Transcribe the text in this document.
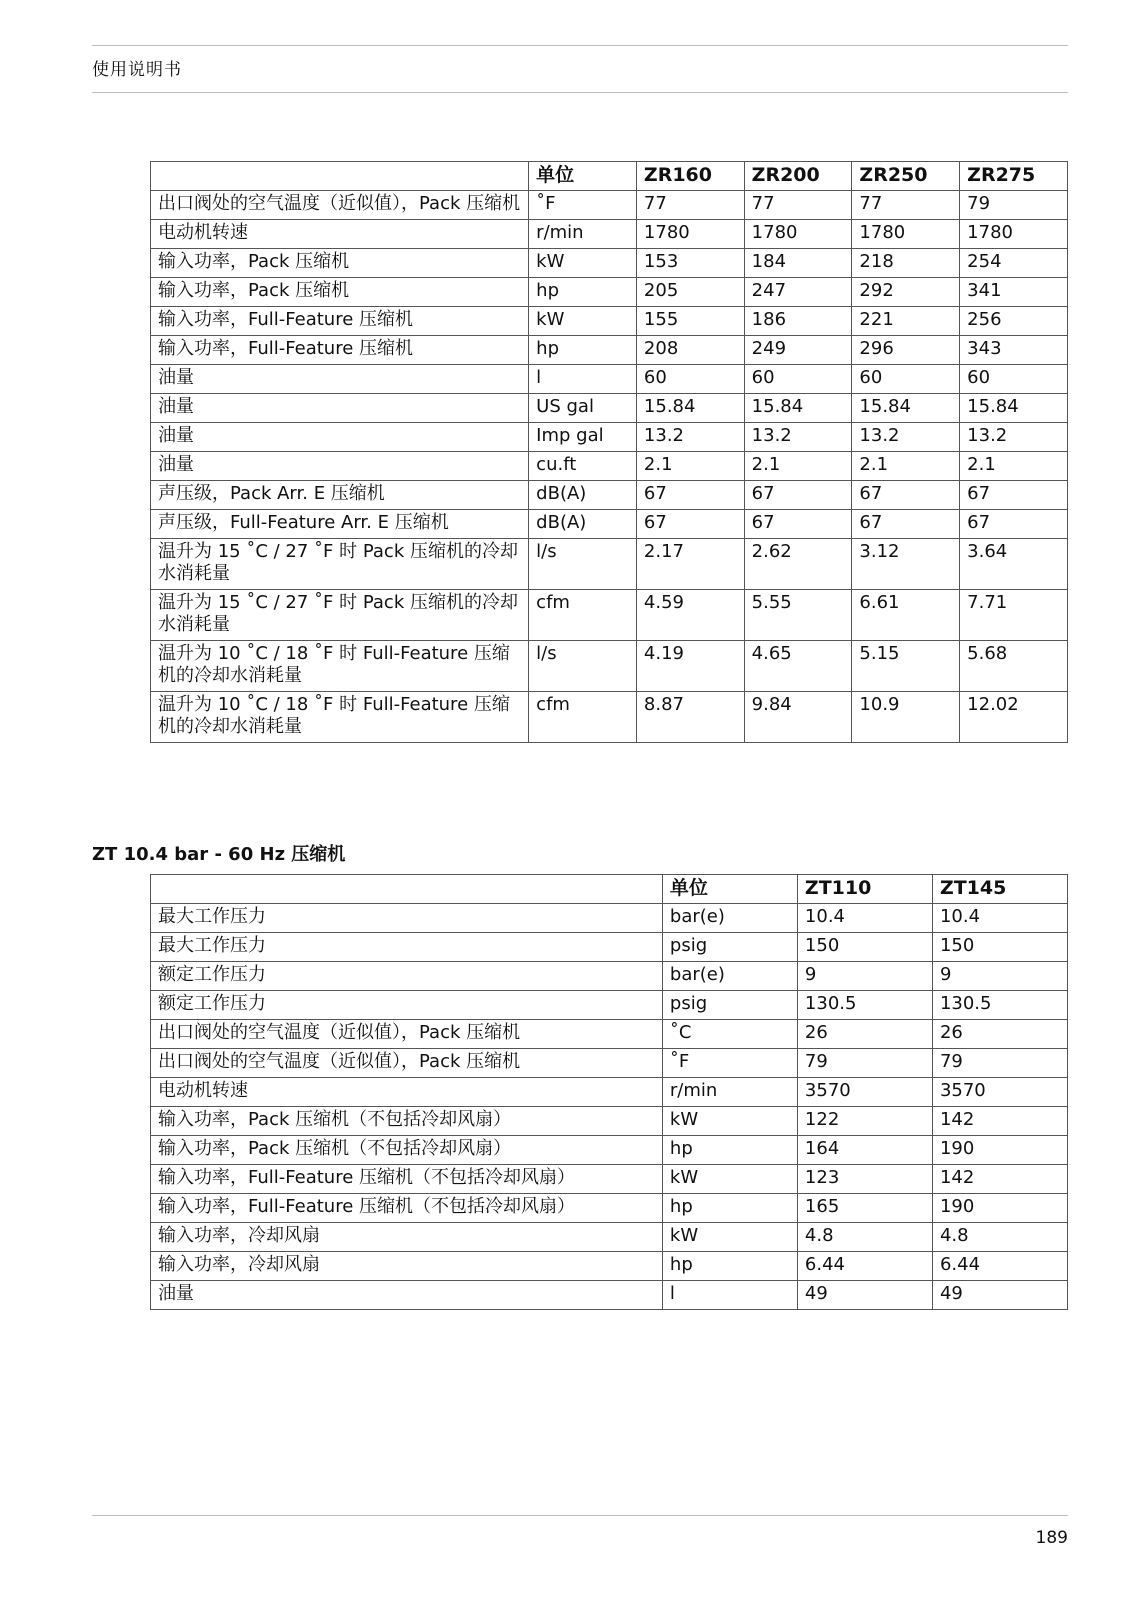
使用说明书
	单位	ZR160	ZR200	ZR250	ZR275
出口阀处的空气温度（近似值），Pack 压缩机	˚F	77	77	77	79
电动机转速	r/min	1780	1780	1780	1780
输入功率，Pack 压缩机	kW	153	184	218	254
输入功率，Pack 压缩机	hp	205	247	292	341
输入功率，Full-Feature 压缩机	kW	155	186	221	256
输入功率，Full-Feature 压缩机	hp	208	249	296	343
油量	l	60	60	60	60
油量	US gal	15.84	15.84	15.84	15.84
油量	Imp gal	13.2	13.2	13.2	13.2
油量	cu.ft	2.1	2.1	2.1	2.1
声压级，Pack Arr. E 压缩机	dB(A)	67	67	67	67
声压级，Full-Feature Arr. E 压缩机	dB(A)	67	67	67	67
温升为 15 ˚C / 27 ˚F 时 Pack 压缩机的冷却水消耗量	l/s	2.17	2.62	3.12	3.64
温升为 15 ˚C / 27 ˚F 时 Pack 压缩机的冷却水消耗量	cfm	4.59	5.55	6.61	7.71
温升为 10 ˚C / 18 ˚F 时 Full-Feature 压缩机的冷却水消耗量	l/s	4.19	4.65	5.15	5.68
温升为 10 ˚C / 18 ˚F 时 Full-Feature 压缩机的冷却水消耗量	cfm	8.87	9.84	10.9	12.02
ZT 10.4 bar - 60 Hz 压缩机
	单位	ZT110	ZT145
最大工作压力	bar(e)	10.4	10.4
最大工作压力	psig	150	150
额定工作压力	bar(e)	9	9
额定工作压力	psig	130.5	130.5
出口阀处的空气温度（近似值），Pack 压缩机	˚C	26	26
出口阀处的空气温度（近似值），Pack 压缩机	˚F	79	79
电动机转速	r/min	3570	3570
输入功率，Pack 压缩机（不包括冷却风扇）	kW	122	142
输入功率，Pack 压缩机（不包括冷却风扇）	hp	164	190
输入功率，Full-Feature 压缩机（不包括冷却风扇）	kW	123	142
输入功率，Full-Feature 压缩机（不包括冷却风扇）	hp	165	190
输入功率，冷却风扇	kW	4.8	4.8
输入功率，冷却风扇	hp	6.44	6.44
油量	l	49	49
189
